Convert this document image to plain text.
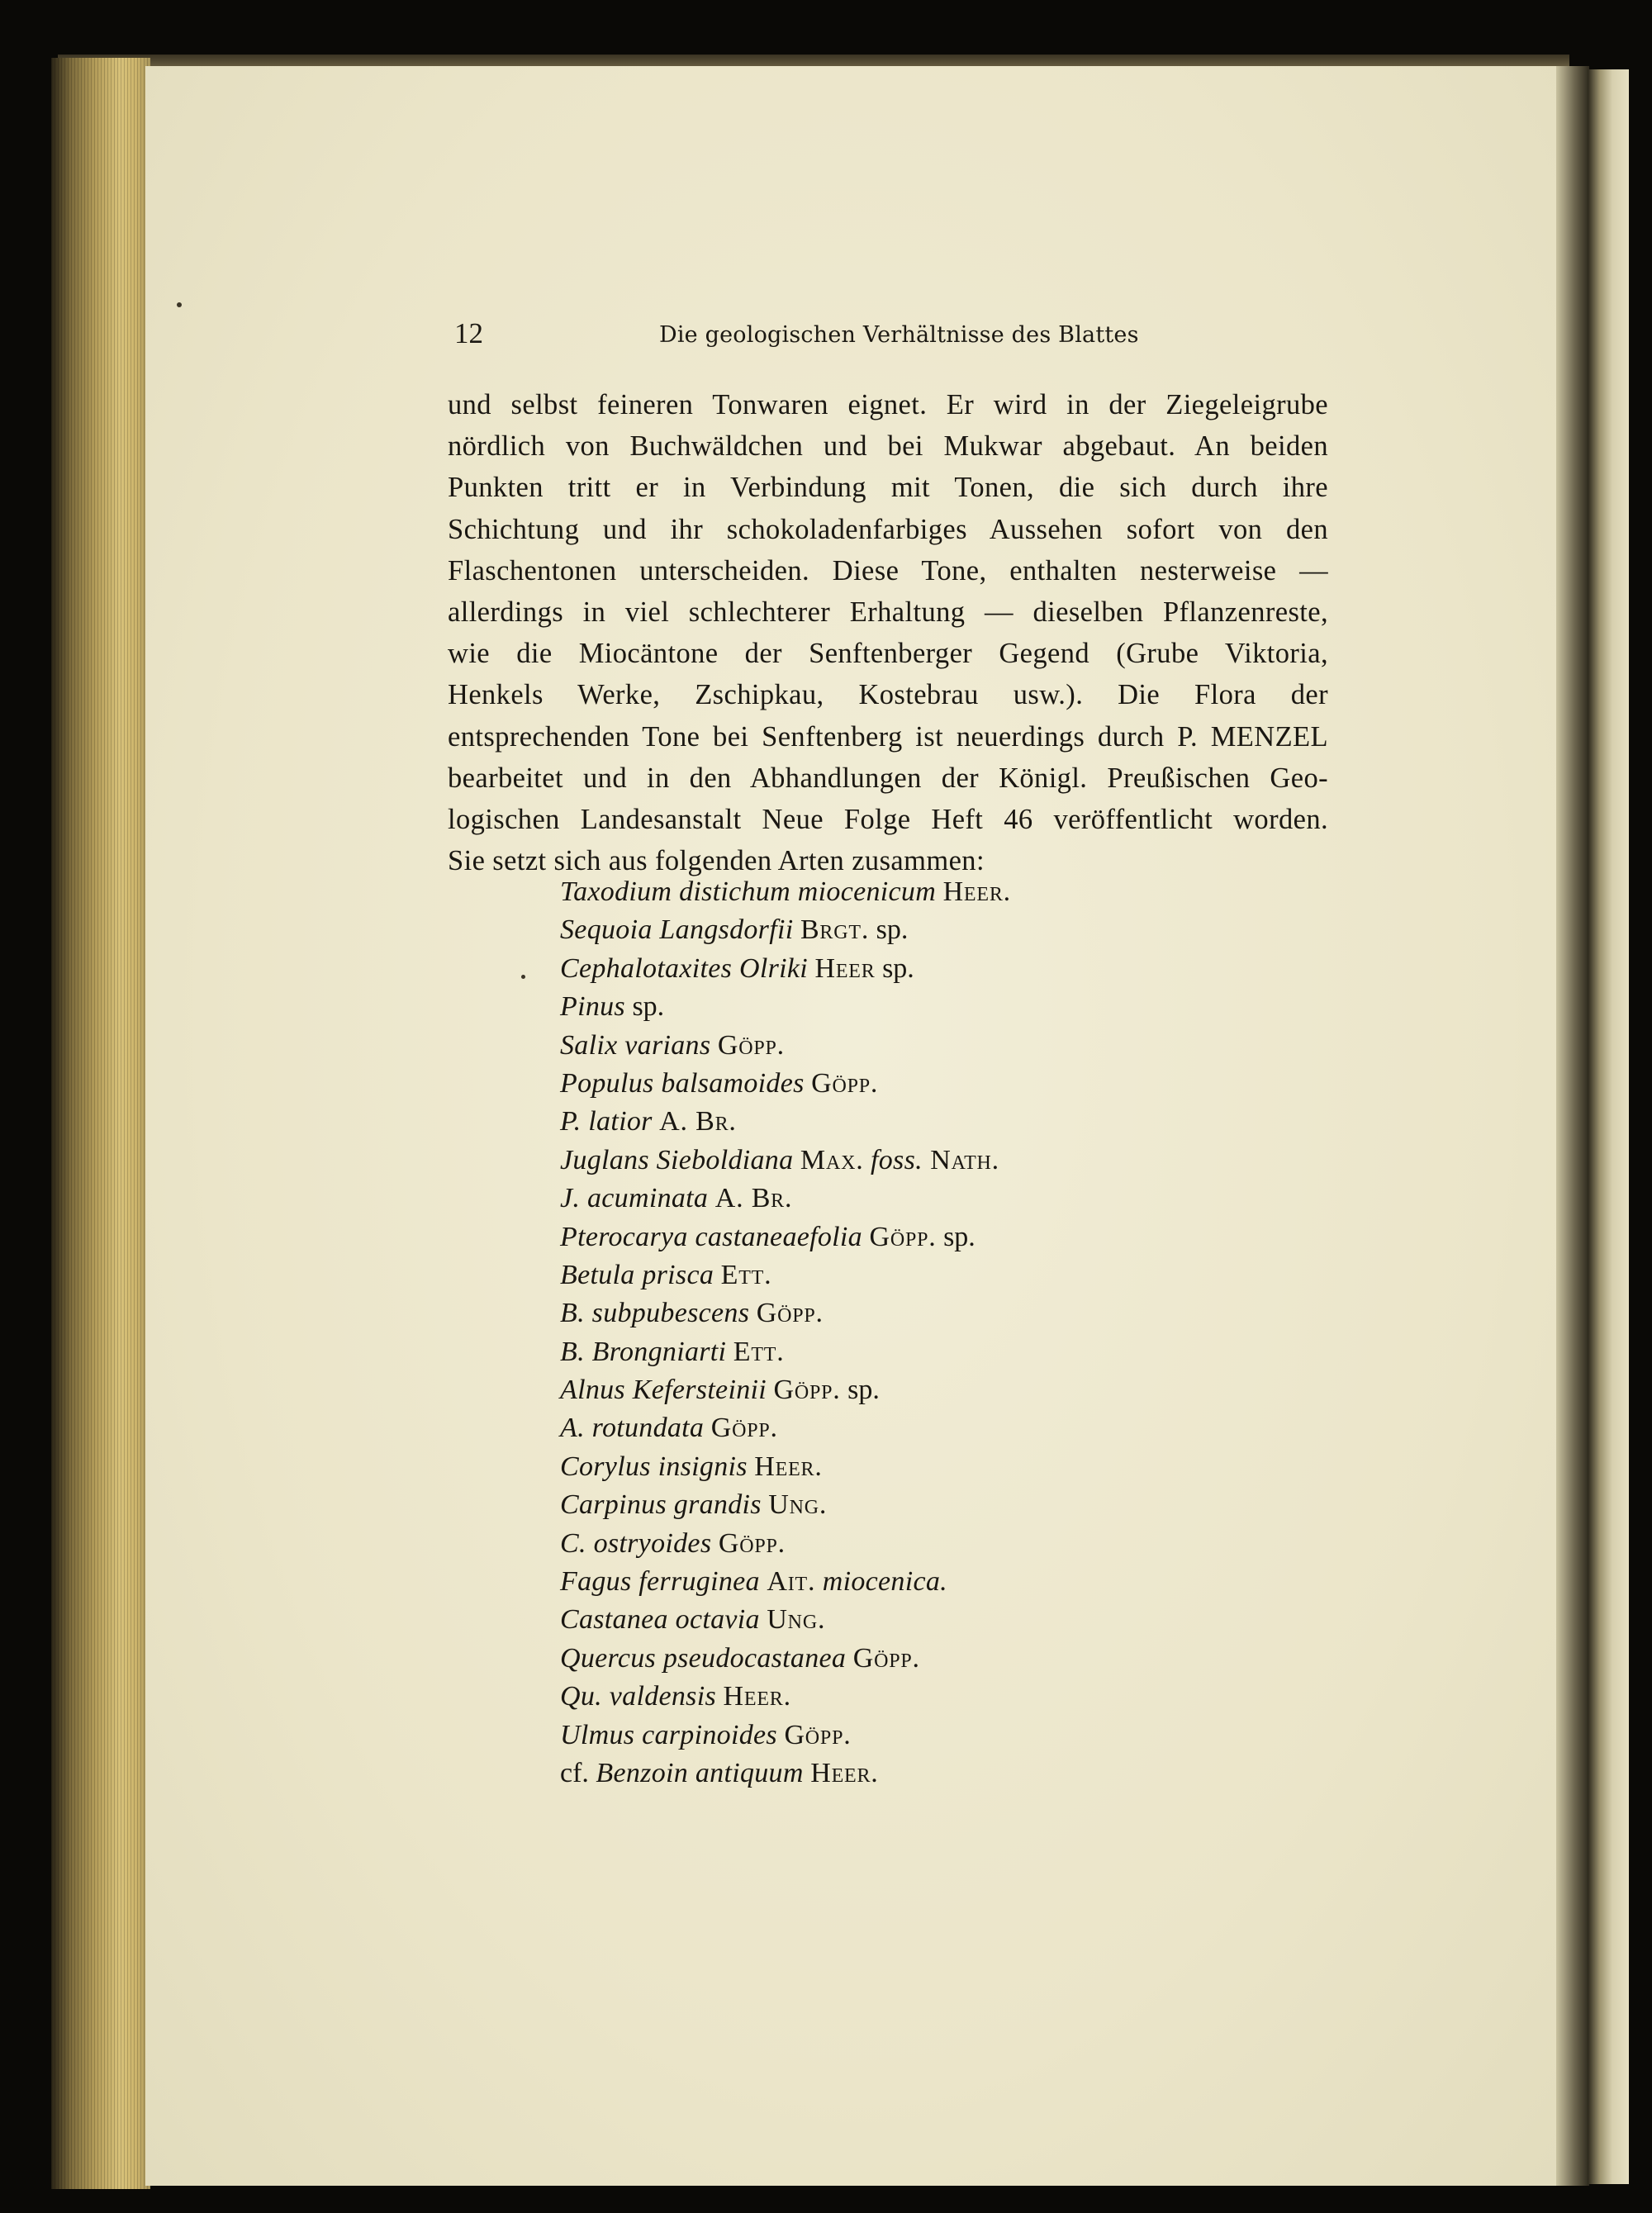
12	Die geologischen Verhältnisse des Blattes
und selbst feineren Tonwaren eignet. Er wird in der Ziegeleigrube
nördlich von Buchwäldchen und bei Mukwar abgebaut. An beiden
Punkten tritt er in Verbindung mit Tonen, die sich durch ihre
Schichtung und ihr schokoladenfarbiges Aussehen sofort von den
Flaschentonen unterscheiden. Diese Tone, enthalten nesterweise —
allerdings in viel schlechterer Erhaltung — dieselben Pflanzenreste,
wie die Miocäntone der Senftenberger Gegend (Grube Viktoria,
Henkels Werke, Zschipkau, Kostebrau usw.). Die Flora der
entsprechenden Tone bei Senftenberg ist neuerdings durch P. MENZEL
bearbeitet und in den Abhandlungen der Königl. Preußischen Geo-
logischen Landesanstalt Neue Folge Heft 46 veröffentlicht worden.
Sie setzt sich aus folgenden Arten zusammen:
Taxodium distichum miocenicum Heer.
Sequoia Langsdorfii Brgt. sp.
Cephalotaxites Olriki Heer sp.
Pinus sp.
Salix varians Göpp.
Populus balsamoides Göpp.
P. latior A. Br.
Juglans Sieboldiana Max. foss. Nath.
J. acuminata A. Br.
Pterocarya castaneaefolia Göpp. sp.
Betula prisca Ett.
B. subpubescens Göpp.
B. Brongniarti Ett.
Alnus Kefersteinii Göpp. sp.
A. rotundata Göpp.
Corylus insignis Heer.
Carpinus grandis Ung.
C. ostryoides Göpp.
Fagus ferruginea Ait. miocenica.
Castanea octavia Ung.
Quercus pseudocastanea Göpp.
Qu. valdensis Heer.
Ulmus carpinoides Göpp.
cf. Benzoin antiquum Heer.
